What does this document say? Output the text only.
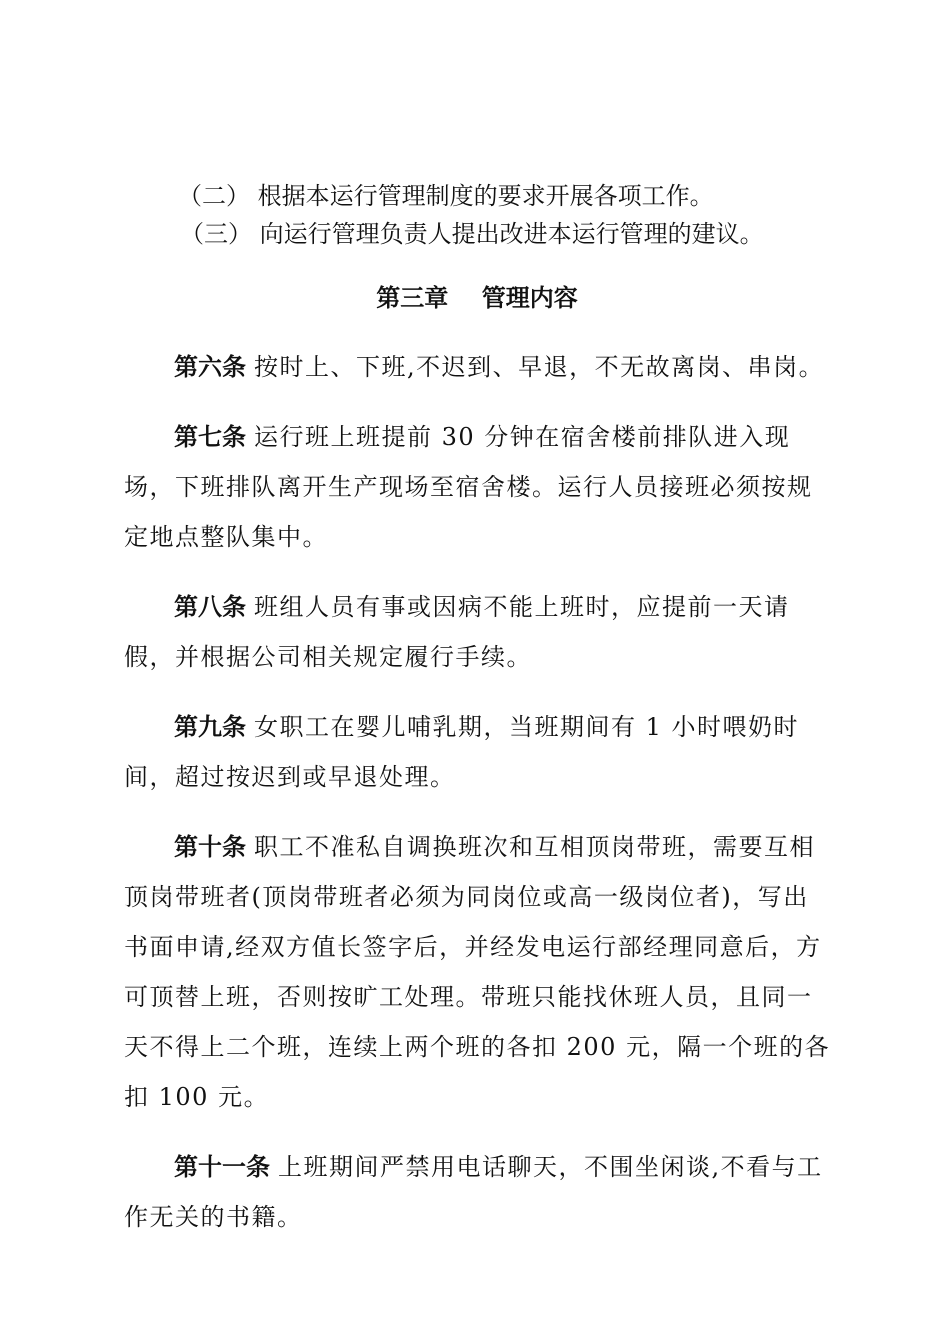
（二） 根据本运行管理制度的要求开展各项工作。

（三） 向运行管理负责人提出改进本运行管理的建议。

第三章 管理内容

第六条 按时上、下班,不迟到、早退，不无故离岗、串岗。

第七条 运行班上班提前 30 分钟在宿舍楼前排队进入现场，下班排队离开生产现场至宿舍楼。运行人员接班必须按规定地点整队集中。

第八条 班组人员有事或因病不能上班时，应提前一天请假，并根据公司相关规定履行手续。

第九条 女职工在婴儿哺乳期，当班期间有 1 小时喂奶时间，超过按迟到或早退处理。

第十条 职工不准私自调换班次和互相顶岗带班，需要互相顶岗带班者(顶岗带班者必须为同岗位或高一级岗位者)，写出书面申请,经双方值长签字后，并经发电运行部经理同意后，方可顶替上班，否则按旷工处理。带班只能找休班人员，且同一天不得上二个班，连续上两个班的各扣 200 元，隔一个班的各扣 100 元。

第十一条 上班期间严禁用电话聊天，不围坐闲谈,不看与工作无关的书籍。
